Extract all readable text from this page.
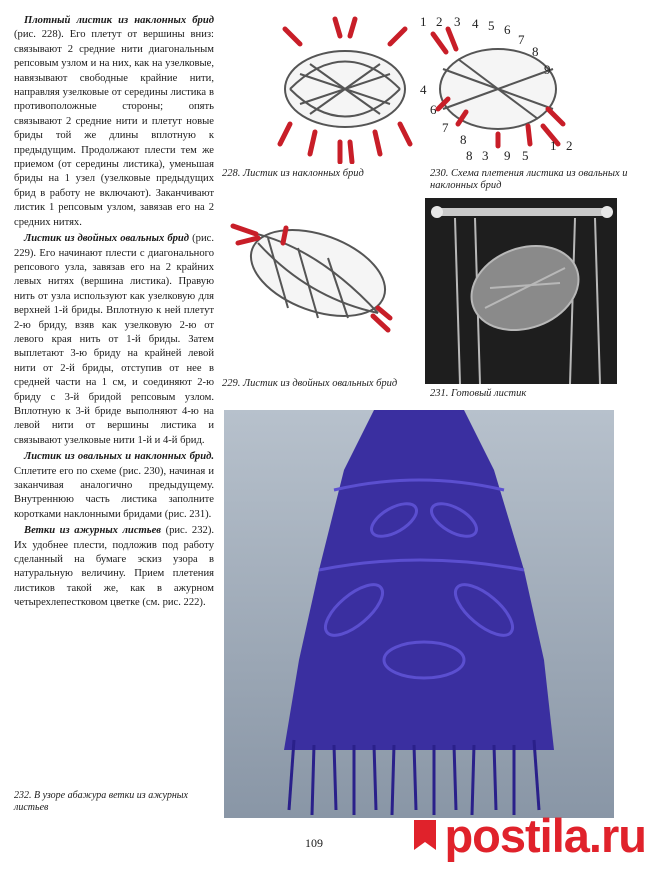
Плотный листик из наклонных брид (рис. 228). Его плетут от вершины вниз: связывают 2 средние нити диагональным репсовым узлом и на них, как на узелковые, навязывают свободные крайние нити, направляя узелковые от середины листика в противоположные стороны; опять связывают 2 средние нити и плетут новые бриды той же длины вплотную к предыдущим. Продолжают плести тем же приемом (от середины листика), уменьшая бриды на 1 узел (узелковые предыдущих брид в работу не включают). Заканчивают листик 1 репсовым узлом, завязав его на 2 средних нитях.

Листик из двойных овальных брид (рис. 229). Его начинают плести с диагонального репсового узла, завязав его на 2 крайних левых нитях (вершина листика). Правую нить от узла используют как узелковую для верхней 1-й бриды. Вплотную к ней плетут 2-ю бриду, взяв как узелковую 2-ю от левого края нить от 1-й бриды. Затем выплетают 3-ю бриду на крайней левой нити от 2-й бриды, отступив от нее в средней части на 1 см, и соединяют 2-ю бриду с 3-й бридой репсовым узлом. Вплотную к 3-й бриде выполняют 4-ю на левой нити от вершины листика и связывают узелковые нити 1-й и 4-й брид.

Листик из овальных и наклонных брид. Сплетите его по схеме (рис. 230), начиная и заканчивая аналогично предыдущему. Внутреннюю часть листика заполните коротками наклонными бридами (рис. 231).

Ветки из ажурных листьев (рис. 232). Их удобнее плести, подложив под работу сделанный на бумаге эскиз узора в натуральную величину. Прием плетения листиков такой же, как в ажурном четырехлепестковом цветке (см. рис. 222).

228. Листик из наклонных брид
1 2 3 4 5 6
7
8
9
4
6
7
8
8 3 9 5
1 2
230. Схема плетения листика из овальных и наклонных брид
229. Листик из двойных овальных брид
231. Готовый листик
232. В узоре абажура ветки из ажурных листьев
109	postila.ru
